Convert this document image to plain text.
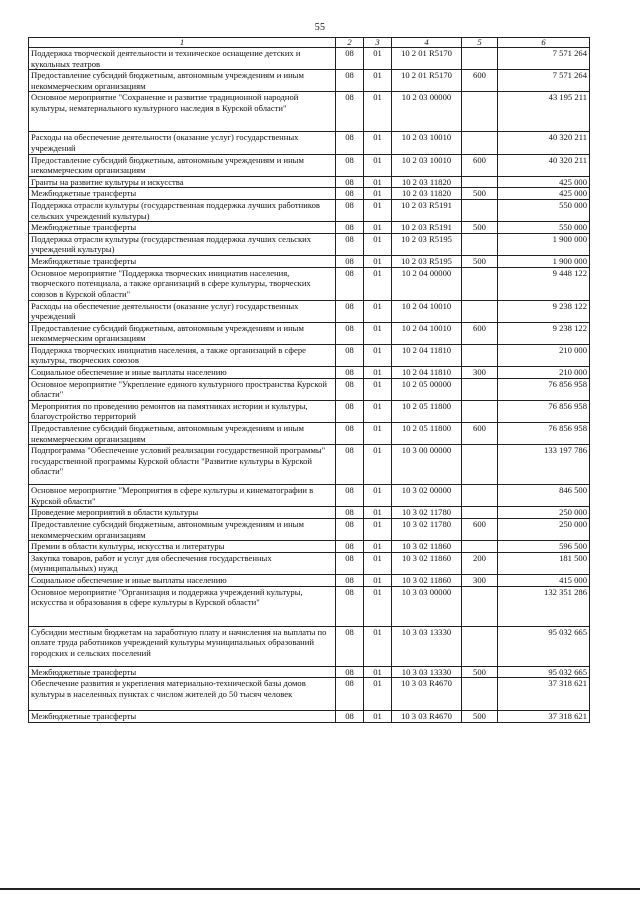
55
1	2	3	4	5	6
Поддержка творческой деятельности и техническое оснащение детских и кукольных театров	08	01	10 2 01 R5170		7 571 264
Предоставление субсидий бюджетным, автономным учреждениям и иным некоммерческим организациям	08	01	10 2 01 R5170	600	7 571 264
Основное мероприятие "Сохранение и развитие традиционной народной культуры, нематериального культурного наследия в Курской области"	08	01	10 2 03 00000		43 195 211
Расходы на обеспечение деятельности (оказание услуг) государственных учреждений	08	01	10 2 03 10010		40 320 211
Предоставление субсидий бюджетным, автономным учреждениям и иным некоммерческим организациям	08	01	10 2 03 10010	600	40 320 211
Гранты на развитие культуры и искусства	08	01	10 2 03 11820		425 000
Межбюджетные трансферты	08	01	10 2 03 11820	500	425 000
Поддержка отрасли культуры (государственная поддержка лучших работников сельских учреждений культуры)	08	01	10 2 03 R5191		550 000
Межбюджетные трансферты	08	01	10 2 03 R5191	500	550 000
Поддержка отрасли культуры (государственная поддержка лучших сельских учреждений культуры)	08	01	10 2 03 R5195		1 900 000
Межбюджетные трансферты	08	01	10 2 03 R5195	500	1 900 000
Основное мероприятие "Поддержка творческих инициатив населения, творческого потенциала, а также организаций в сфере культуры, творческих союзов в Курской области"	08	01	10 2 04 00000		9 448 122
Расходы на обеспечение деятельности (оказание услуг) государственных учреждений	08	01	10 2 04 10010		9 238 122
Предоставление субсидий бюджетным, автономным учреждениям и иным некоммерческим организациям	08	01	10 2 04 10010	600	9 238 122
Поддержка творческих инициатив населения, а также организаций в сфере культуры, творческих союзов	08	01	10 2 04 11810		210 000
Социальное обеспечение и иные выплаты населению	08	01	10 2 04 11810	300	210 000
Основное мероприятие "Укрепление единого культурного пространства Курской области"	08	01	10 2 05 00000		76 856 958
Мероприятия по проведению ремонтов на памятниках истории и культуры, благоустройство территорий	08	01	10 2 05 11800		76 856 958
Предоставление субсидий бюджетным, автономным учреждениям и иным некоммерческим организациям	08	01	10 2 05 11800	600	76 856 958
Подпрограмма "Обеспечение условий реализации государственной программы" государственной программы Курской области "Развитие культуры в Курской области"	08	01	10 3 00 00000		133 197 786
Основное мероприятие "Мероприятия в сфере культуры и кинематографии в Курской области"	08	01	10 3 02 00000		846 500
Проведение мероприятий в области культуры	08	01	10 3 02 11780		250 000
Предоставление субсидий бюджетным, автономным учреждениям и иным некоммерческим организациям	08	01	10 3 02 11780	600	250 000
Премии в области культуры, искусства и литературы	08	01	10 3 02 11860		596 500
Закупка товаров, работ и услуг для обеспечения государственных (муниципальных) нужд	08	01	10 3 02 11860	200	181 500
Социальное обеспечение и иные выплаты населению	08	01	10 3 02 11860	300	415 000
Основное мероприятие "Организация и поддержка учреждений культуры, искусства и образования в сфере культуры в Курской области"	08	01	10 3 03 00000		132 351 286
Субсидии местным бюджетам на заработную плату и начисления на выплаты по оплате труда работников учреждений культуры муниципальных образований городских и сельских поселений	08	01	10 3 03 13330		95 032 665
Межбюджетные трансферты	08	01	10 3 03 13330	500	95 032 665
Обеспечение развития и укрепления материально-технической базы домов культуры в населенных пунктах с числом жителей до 50 тысяч человек	08	01	10 3 03 R4670		37 318 621
Межбюджетные трансферты	08	01	10 3 03 R4670	500	37 318 621
